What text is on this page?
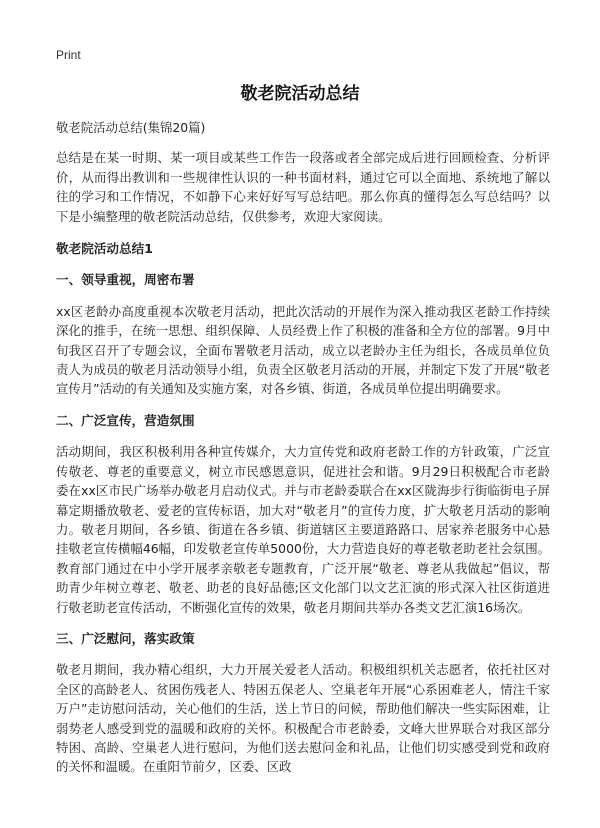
Print
敬老院活动总结

敬老院活动总结(集锦20篇)

总结是在某一时期、某一项目或某些工作告一段落或者全部完成后进行回顾检查、分析评价，从而得出教训和一些规律性认识的一种书面材料，通过它可以全面地、系统地了解以往的学习和工作情况，不如静下心来好好写写总结吧。那么你真的懂得怎么写总结吗？以下是小编整理的敬老院活动总结，仅供参考，欢迎大家阅读。

敬老院活动总结1

一、领导重视，周密布署

xx区老龄办高度重视本次敬老月活动，把此次活动的开展作为深入推动我区老龄工作持续深化的推手，在统一思想、组织保障、人员经费上作了积极的准备和全方位的部署。9月中旬我区召开了专题会议，全面布署敬老月活动，成立以老龄办主任为组长，各成员单位负责人为成员的敬老月活动领导小组，负责全区敬老月活动的开展，并制定下发了开展“敬老宣传月”活动的有关通知及实施方案，对各乡镇、街道，各成员单位提出明确要求。

二、广泛宣传，营造氛围

活动期间，我区积极利用各种宣传媒介，大力宣传党和政府老龄工作的方针政策，广泛宣传敬老、尊老的重要意义，树立市民感恩意识，促进社会和谐。9月29日积极配合市老龄委在xx区市民广场举办敬老月启动仪式。并与市老龄委联合在xx区陇海步行街临街电子屏幕定期播放敬老、爱老的宣传标语，加大对“敬老月”的宣传力度，扩大敬老月活动的影响力。敬老月期间，各乡镇、街道在各乡镇、街道辖区主要道路路口、居家养老服务中心悬挂敬老宣传横幅46幅，印发敬老宣传单5000份，大力营造良好的尊老敬老助老社会氛围。教育部门通过在中小学开展孝亲敬老专题教育，广泛开展“敬老、尊老从我做起”倡议，帮助青少年树立尊老、敬老、助老的良好品德;区文化部门以文艺汇演的形式深入社区街道进行敬老助老宣传活动，不断强化宣传的效果，敬老月期间共举办各类文艺汇演16场次。

三、广泛慰问，落实政策

敬老月期间，我办精心组织，大力开展关爱老人活动。积极组织机关志愿者，依托社区对全区的高龄老人、贫困伤残老人、特困五保老人、空巢老年开展“心系困难老人，情注千家万户”走访慰问活动，关心他们的生活，送上节日的问候，帮助他们解决一些实际困难，让弱势老人感受到党的温暖和政府的关怀。积极配合市老龄委，文峰大世界联合对我区部分特困、高龄、空巢老人进行慰问，为他们送去慰问金和礼品，让他们切实感受到党和政府的关怀和温暖。在重阳节前夕，区委、区政
